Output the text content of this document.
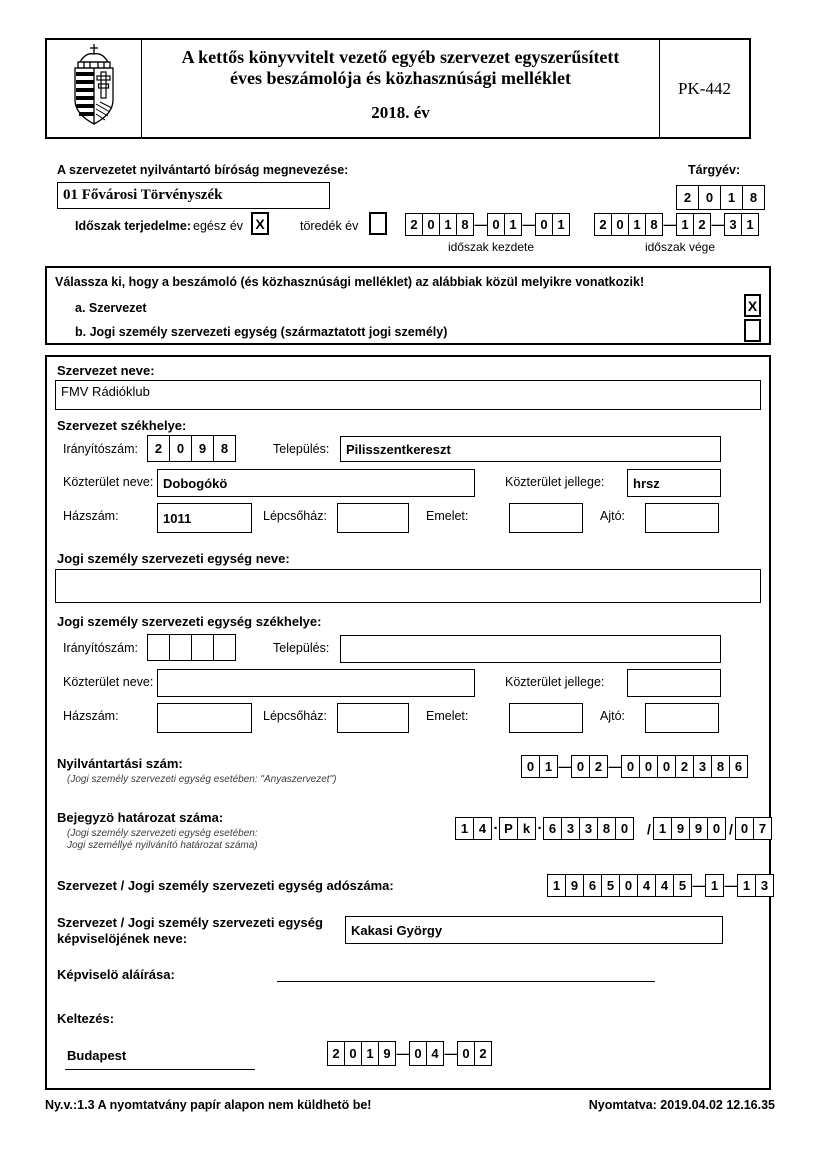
A kettős könyvvitelt vezető egyéb szervezet egyszerűsített
éves beszámolója és közhasznúsági melléklet
2018. év
PK-442
A szervezetet nyilvántartó bíróság megnevezése:
01 Fővárosi Törvényszék
Tárgyév:
2	0	1	8
Időszak terjedelme: egész év X	töredék év	2 0 1 8 — 0 1 — 0 1
időszak kezdete
2 0 1 8 — 1 2 — 3 1
időszak vége
Válassza ki, hogy a beszámoló (és közhasznúsági melléklet) az alábbiak közül melyikre vonatkozik!
a. Szervezet	X
b. Jogi személy szervezeti egység (származtatott jogi személy)
Szervezet neve:
FMV Rádióklub
Szervezet székhelye:
Irányítószám:	2	0	9	8	Település: Pilisszentkereszt
Közterület neve: Dobogókö	Közterület jellege: hrsz
Házszám:	1011	Lépcsőház:	Emelet:	Ajtó:
Jogi személy szervezeti egység neve:
Jogi személy szervezeti egység székhelye:
Irányítószám:	Település:
Közterület neve:	Közterület jellege:
Házszám:	Lépcsőház:	Emelet:	Ajtó:
Nyilvántartási szám:
(Jogi személy szervezeti egység esetében: "Anyaszervezet")
0 1 — 0 2 — 0 0 0 2 3 8 6
Bejegyzö határozat száma:
(Jogi személy szervezeti egység esetében:
Jogi személlyé nyilvánító határozat száma)
1 4 · P k · 6 3 3 8 0	/ 1 9 9 0 / 0 7
Szervezet / Jogi személy szervezeti egység adószáma:	1 9 6 5 0 4 4 5 — 1 — 1 3
Szervezet / Jogi személy szervezeti egység
képviselöjének neve:
Kakasi György
Képviselö aláírása:
Keltezés:
Budapest	2 0 1 9 — 0 4 — 0 2
Ny.v.:1.3 A nyomtatvány papír alapon nem küldhetö be!	Nyomtatva: 2019.04.02 12.16.35
